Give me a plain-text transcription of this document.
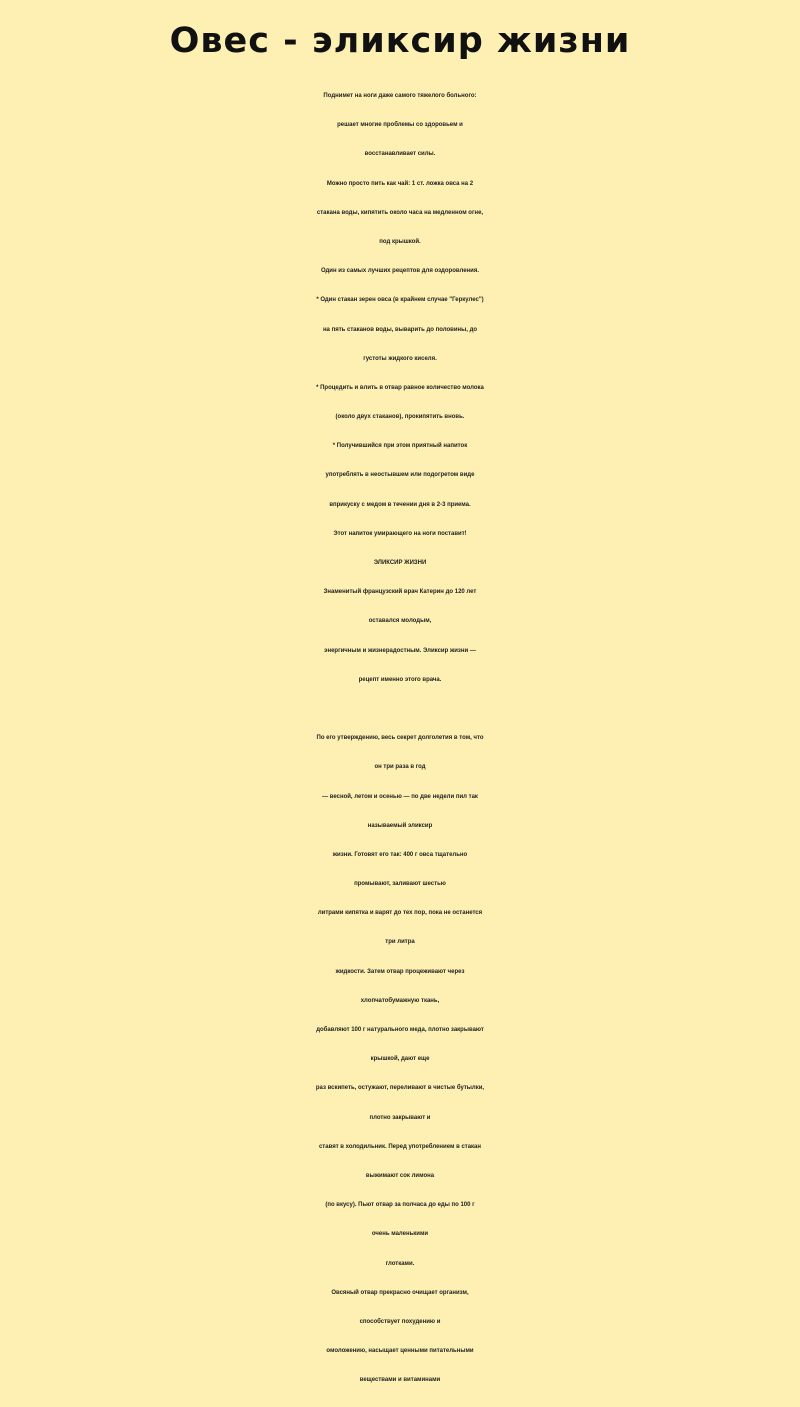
Овес - эликсир жизни
Поднимет на ноги даже самого тяжелого больного:
решает многие проблемы со здоровьем и
восстанавливает силы.
Можно просто пить как чай: 1 ст. ложка овса на 2
стакана воды, кипятить около часа на медленном огне,
под крышкой.
Один из самых лучших рецептов для оздоровления.
* Один стакан зерен овса (в крайнем случае "Геркулес")
на пять стаканов воды, выварить до половины, до
густоты жидкого киселя.
* Процедить и влить в отвар равное количество молока
(около двух стаканов), прокипятить вновь.
* Получившийся при этом приятный напиток
употреблять в неостывшем или подогретом виде
вприкуску с медом в течении дня в 2-3 приема.
Этот напиток умирающего на ноги поставит!
ЭЛИКСИР ЖИЗНИ
Знаменитый французский врач Катерин до 120 лет
оставался молодым,
энергичным и жизнерадостным. Эликсир жизни —
рецепт именно этого врача.
По его утверждению, весь секрет долголетия в том, что
он три раза в год
— весной, летом и осенью — по две недели пил так
называемый эликсир
жизни. Готовят его так: 400 г овса тщательно
промывают, заливают шестью
литрами кипятка и варят до тех пор, пока не останется
три литра
жидкости. Затем отвар процеживают через
хлопчатобумажную ткань,
добавляют 100 г натурального меда, плотно закрывают
крышкой, дают еще
раз вскипеть, остужают, переливают в чистые бутылки,
плотно закрывают и
ставят в холодильник. Перед употреблением в стакан
выжимают сок лимона
(по вкусу). Пьют отвар за полчаса до еды по 100 г
очень маленькими
глотками.
Овсяный отвар прекрасно очищает организм,
способствует похудению и
омоложению, насыщает ценными питательными
веществами и витаминами
